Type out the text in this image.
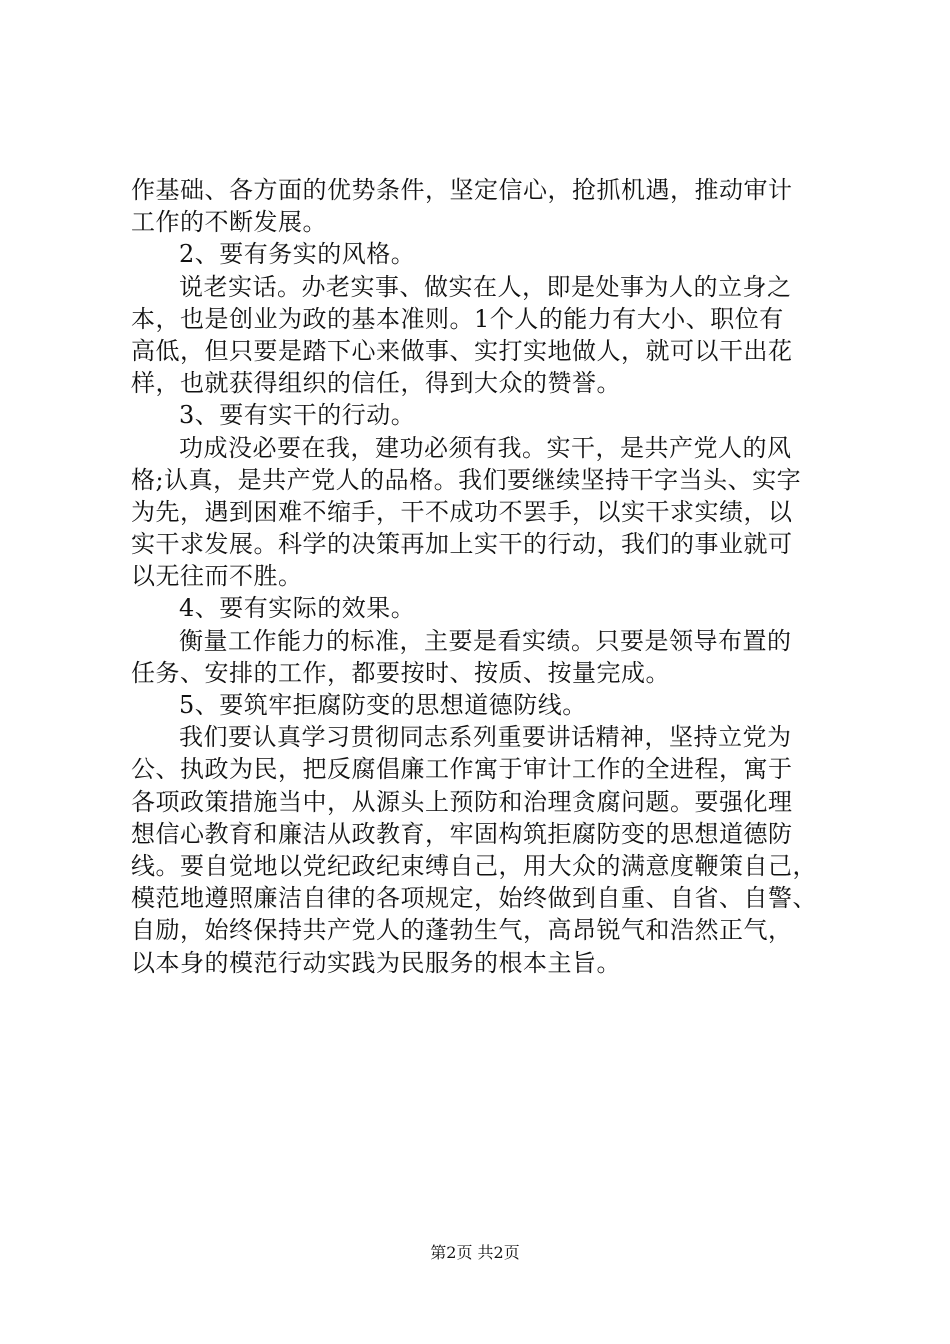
作基础、各方面的优势条件，坚定信心，抢抓机遇，推动审计
工作的不断发展。
2、要有务实的风格。
说老实话。办老实事、做实在人，即是处事为人的立身之
本，也是创业为政的基本准则。1个人的能力有大小、职位有
高低，但只要是踏下心来做事、实打实地做人，就可以干出花
样，也就获得组织的信任，得到大众的赞誉。
3、要有实干的行动。
功成没必要在我，建功必须有我。实干，是共产党人的风
格;认真，是共产党人的品格。我们要继续坚持干字当头、实字
为先，遇到困难不缩手，干不成功不罢手，以实干求实绩，以
实干求发展。科学的决策再加上实干的行动，我们的事业就可
以无往而不胜。
4、要有实际的效果。
衡量工作能力的标准，主要是看实绩。只要是领导布置的
任务、安排的工作，都要按时、按质、按量完成。
5、要筑牢拒腐防变的思想道德防线。
我们要认真学习贯彻同志系列重要讲话精神，坚持立党为
公、执政为民，把反腐倡廉工作寓于审计工作的全进程，寓于
各项政策措施当中，从源头上预防和治理贪腐问题。要强化理
想信心教育和廉洁从政教育，牢固构筑拒腐防变的思想道德防
线。要自觉地以党纪政纪束缚自己，用大众的满意度鞭策自己，
模范地遵照廉洁自律的各项规定，始终做到自重、自省、自警、
自励，始终保持共产党人的蓬勃生气，高昂锐气和浩然正气，
以本身的模范行动实践为民服务的根本主旨。
第2页 共2页
